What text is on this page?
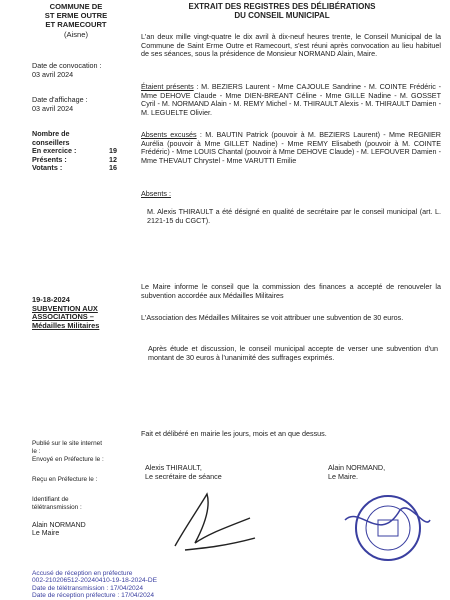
COMMUNE DE
ST ERME OUTRE
ET RAMECOURT
(Aisne)
Date de convocation :
03 avril 2024
Date d'affichage :
03 avril 2024
Nombre de
conseillers
En exercice :	19
Présents :	12
Votants :	16
19-18-2024
SUBVENTION AUX
ASSOCIATIONS –
Médailles Militaires
EXTRAIT DES REGISTRES DES DÉLIBÉRATIONS
DU CONSEIL MUNICIPAL

L'an deux mille vingt-quatre le dix avril à dix-neuf heures trente, le Conseil Municipal de la Commune de Saint Erme Outre et Ramecourt, s'est réuni après convocation au lieu habituel de ses séances, sous la présidence de Monsieur NORMAND Alain, Maire.

Étaient présents : M. BEZIERS Laurent - Mme CAJOULE Sandrine - M. COINTE Frédéric - Mme DEHOVE Claude - Mme DIEN-BREANT Céline - Mme GILLE Nadine - M. GOSSET Cyril - M. NORMAND Alain - M. REMY Michel - M. THIRAULT Alexis - M. THIRAULT Damien - M. LEGUELTE Olivier.

Absents excusés : M. BAUTIN Patrick (pouvoir à M. BEZIERS Laurent) - Mme REGNIER Aurélia (pouvoir à Mme GILLET Nadine) - Mme REMY Elisabeth (pouvoir à M. COINTE Frédéric) - Mme LOUIS Chantal (pouvoir à Mme DEHOVE Claude) - M. LEFOUVER Damien - Mme THEVAUT Chrystel - Mme VARUTTI Emilie

Absents :

M. Alexis THIRAULT a été désigné en qualité de secrétaire par le conseil municipal (art. L. 2121-15 du CGCT).

Le Maire informe le conseil que la commission des finances a accepté de renouveler la subvention accordée aux Médailles Militaires

L'Association des Médailles Militaires se voit attribuer une subvention de 30 euros.

Après étude et discussion, le conseil municipal accepte de verser une subvention d'un montant de 30 euros à l'unanimité des suffrages exprimés.

Fait et délibéré en mairie les jours, mois et an que dessus.

Alexis THIRAULT,
Le secrétaire de séance
Alain NORMAND,
Le Maire.
Publié sur le site internet
le :
Envoyé en Préfecture le :
Reçu en Préfecture le :
Identifiant de
télétransmission :
Alain NORMAND
Le Maire
Accusé de réception en préfecture
002-210206512-20240410-19-18-2024-DE
Date de télétransmission : 17/04/2024
Date de réception préfecture : 17/04/2024
